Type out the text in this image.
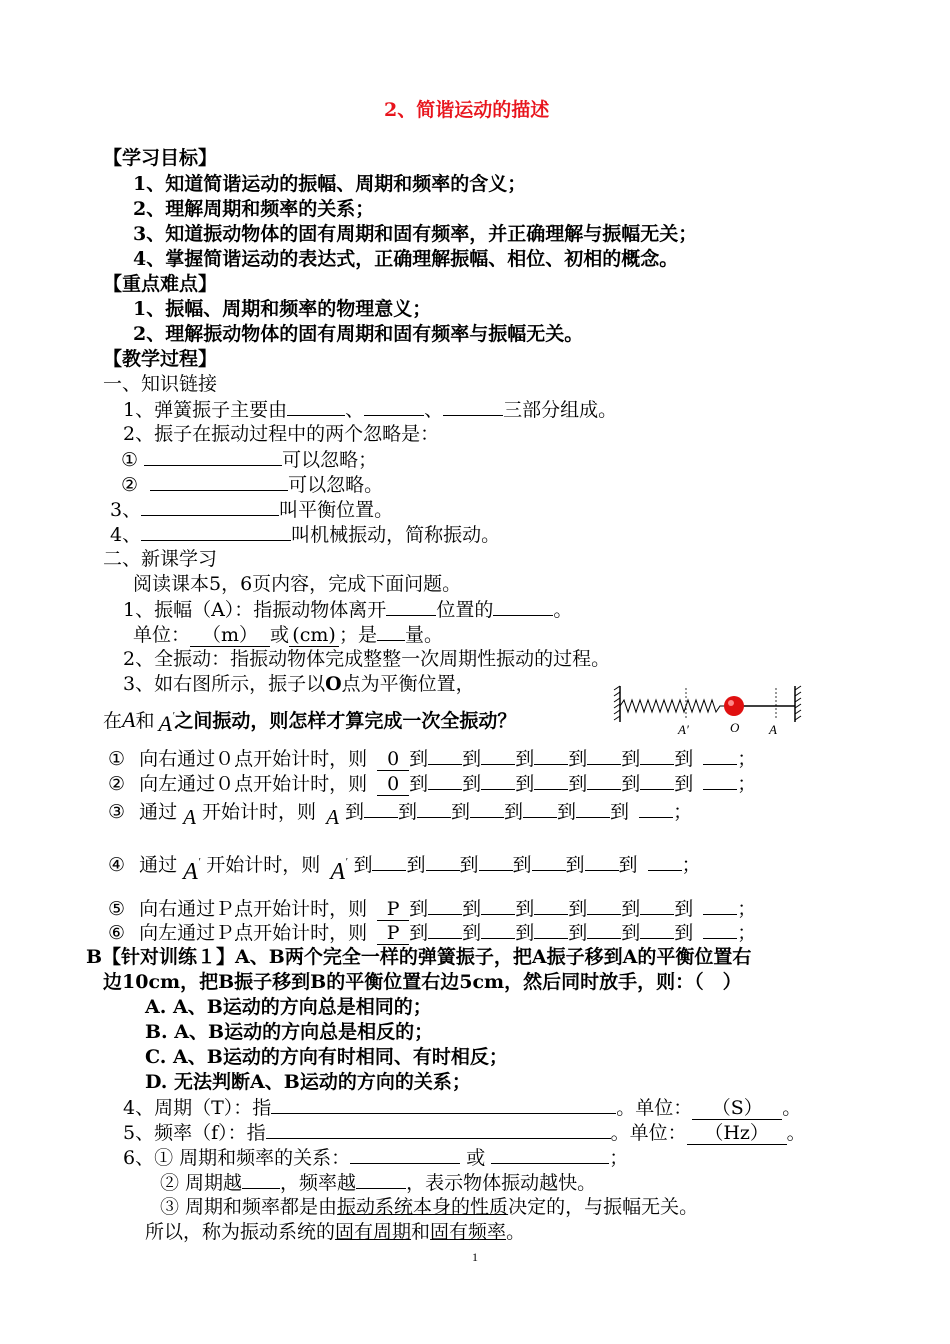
2、简谐运动的描述
【学习目标】
1、知道简谐运动的振幅、周期和频率的含义；
2、理解周期和频率的关系；
3、知道振动物体的固有周期和固有频率，并正确理解与振幅无关；
4、掌握简谐运动的表达式，正确理解振幅、相位、初相的概念。
【重点难点】
1、振幅、周期和频率的物理意义；
2、理解振动物体的固有周期和固有频率与振幅无关。
【教学过程】
一、知识链接
1、弹簧振子主要由	、	、	三部分组成。
2、振子在振动过程中的两个忽略是：
①	可以忽略；
②	可以忽略。
3、	叫平衡位置。
4、	叫机械振动，简称振动。
二、新课学习
阅读课本5，6页内容，完成下面问题。
1、振幅（A）：指振动物体离开	位置的	。
单位： （m） 或 (cm) ；是 量。
2、全振动：指振动物体完成整整一次周期性振动的过程。
3、如右图所示，振子以O点为平衡位置，
在A和 A′之间振动，则怎样才算完成一次全振动？	A′	O A
① 向右通过０点开始计时，则 0 到 到 到 到 到 到 ；
② 向左通过０点开始计时，则 0 到 到 到 到 到 到 ；
③ 通过 A 开始计时，则 A 到 到 到 到 到 到 ；
④ 通过 A′ 开始计时，则 A′ 到 到 到 到 到 到 ；
⑤ 向右通过Ｐ点开始计时，则 P 到 到 到 到 到 到 ；
⑥ 向左通过Ｐ点开始计时，则 P 到 到 到 到 到 到 ；
B【针对训练１】A、B两个完全一样的弹簧振子，把A振子移到A的平衡位置右
边10cm，把B振子移到B的平衡位置右边5cm，然后同时放手，则：（　）
A. A、B运动的方向总是相同的；
B. A、B运动的方向总是相反的；
C. A、B运动的方向有时相同、有时相反；
D. 无法判断A、B运动的方向的关系；
4、周期（T）：指	。单位： （S） 。
5、频率（f）：指	。单位： （Hz） 。
6、① 周期和频率的关系：	或	；
② 周期越 ，频率越	，表示物体振动越快。
③ 周期和频率都是由振动系统本身的性质决定的，与振幅无关。
所以，称为振动系统的固有周期和固有频率。
1
